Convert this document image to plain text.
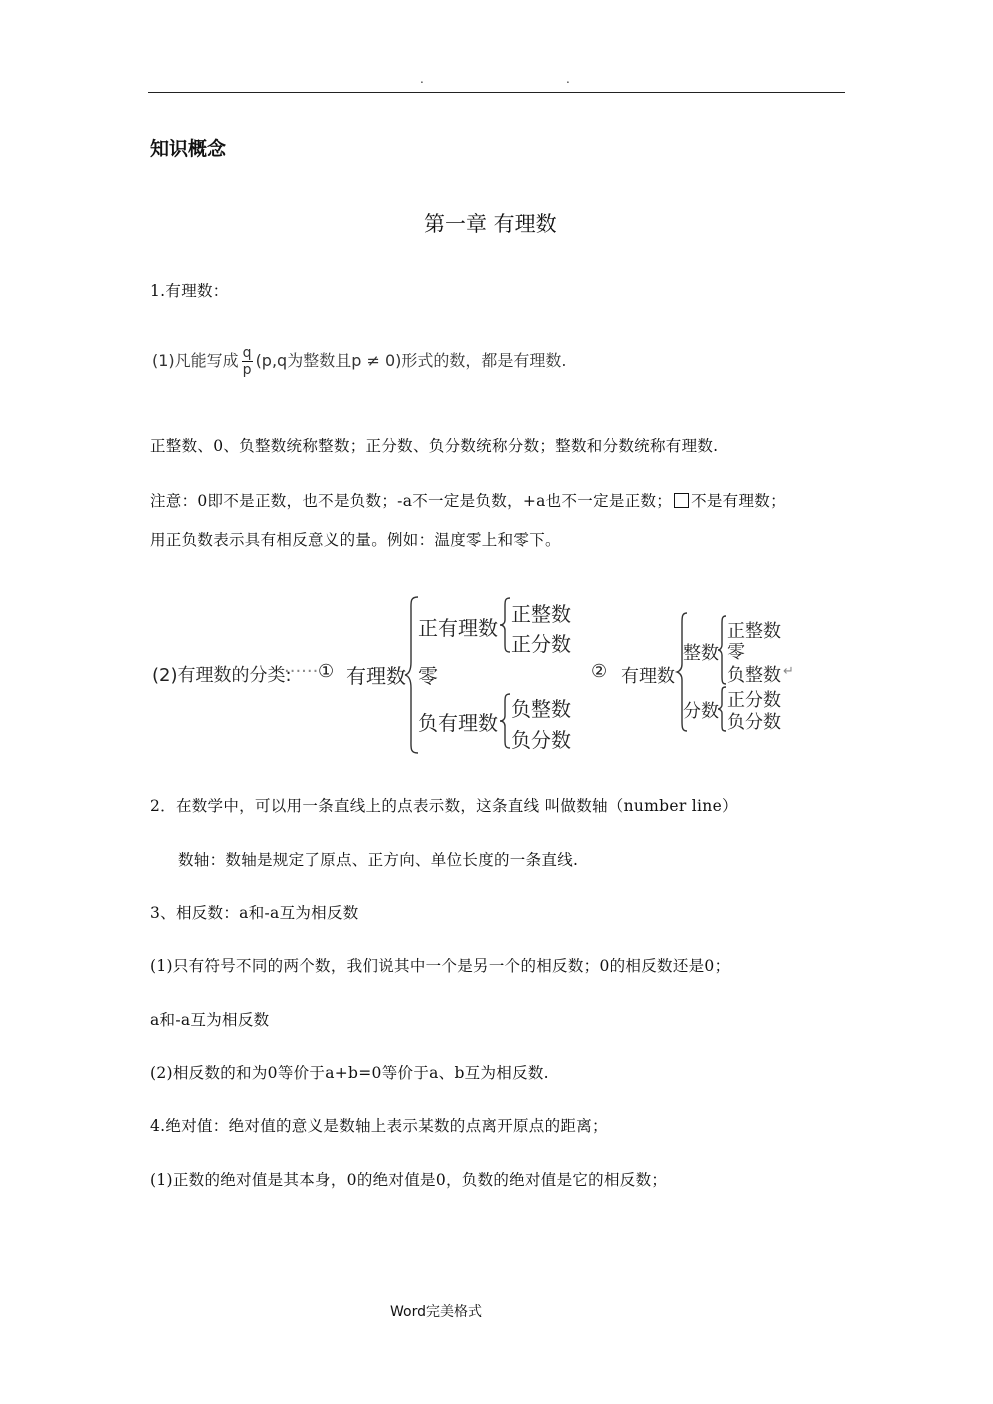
.	.
知识概念
第一章 有理数
1.有理数：
(1)凡能写成 $\frac{q}{p} (p,q$为整数且p ≠ 0)形式的数，都是有理数.
正整数、0、负整数统称整数；正分数、负分数统称分数；整数和分数统称有理数.
注意：0即不是正数，也不是负数；-a不一定是负数，+a也不一定是正数； 不是有理数；
用正负数表示具有相反意义的量。例如：温度零上和零下。
(2)有理数的分类:
······ ① 有理数
正有理数
正整数
正分数
零
负有理数
负整数
负分数
② 有理数
整数
正整数
零
负整数 ↵
分数
正分数
负分数
2．在数学中，可以用一条直线上的点表示数，这条直线 叫做数轴（number line）
数轴：数轴是规定了原点、正方向、单位长度的一条直线.
3、相反数：a和-a互为相反数
(1)只有符号不同的两个数，我们说其中一个是另一个的相反数；0的相反数还是0；
a和-a互为相反数
(2)相反数的和为0等价于a+b=0等价于a、b互为相反数.
4.绝对值：绝对值的意义是数轴上表示某数的点离开原点的距离；
(1)正数的绝对值是其本身，0的绝对值是0，负数的绝对值是它的相反数；
Word完美格式
